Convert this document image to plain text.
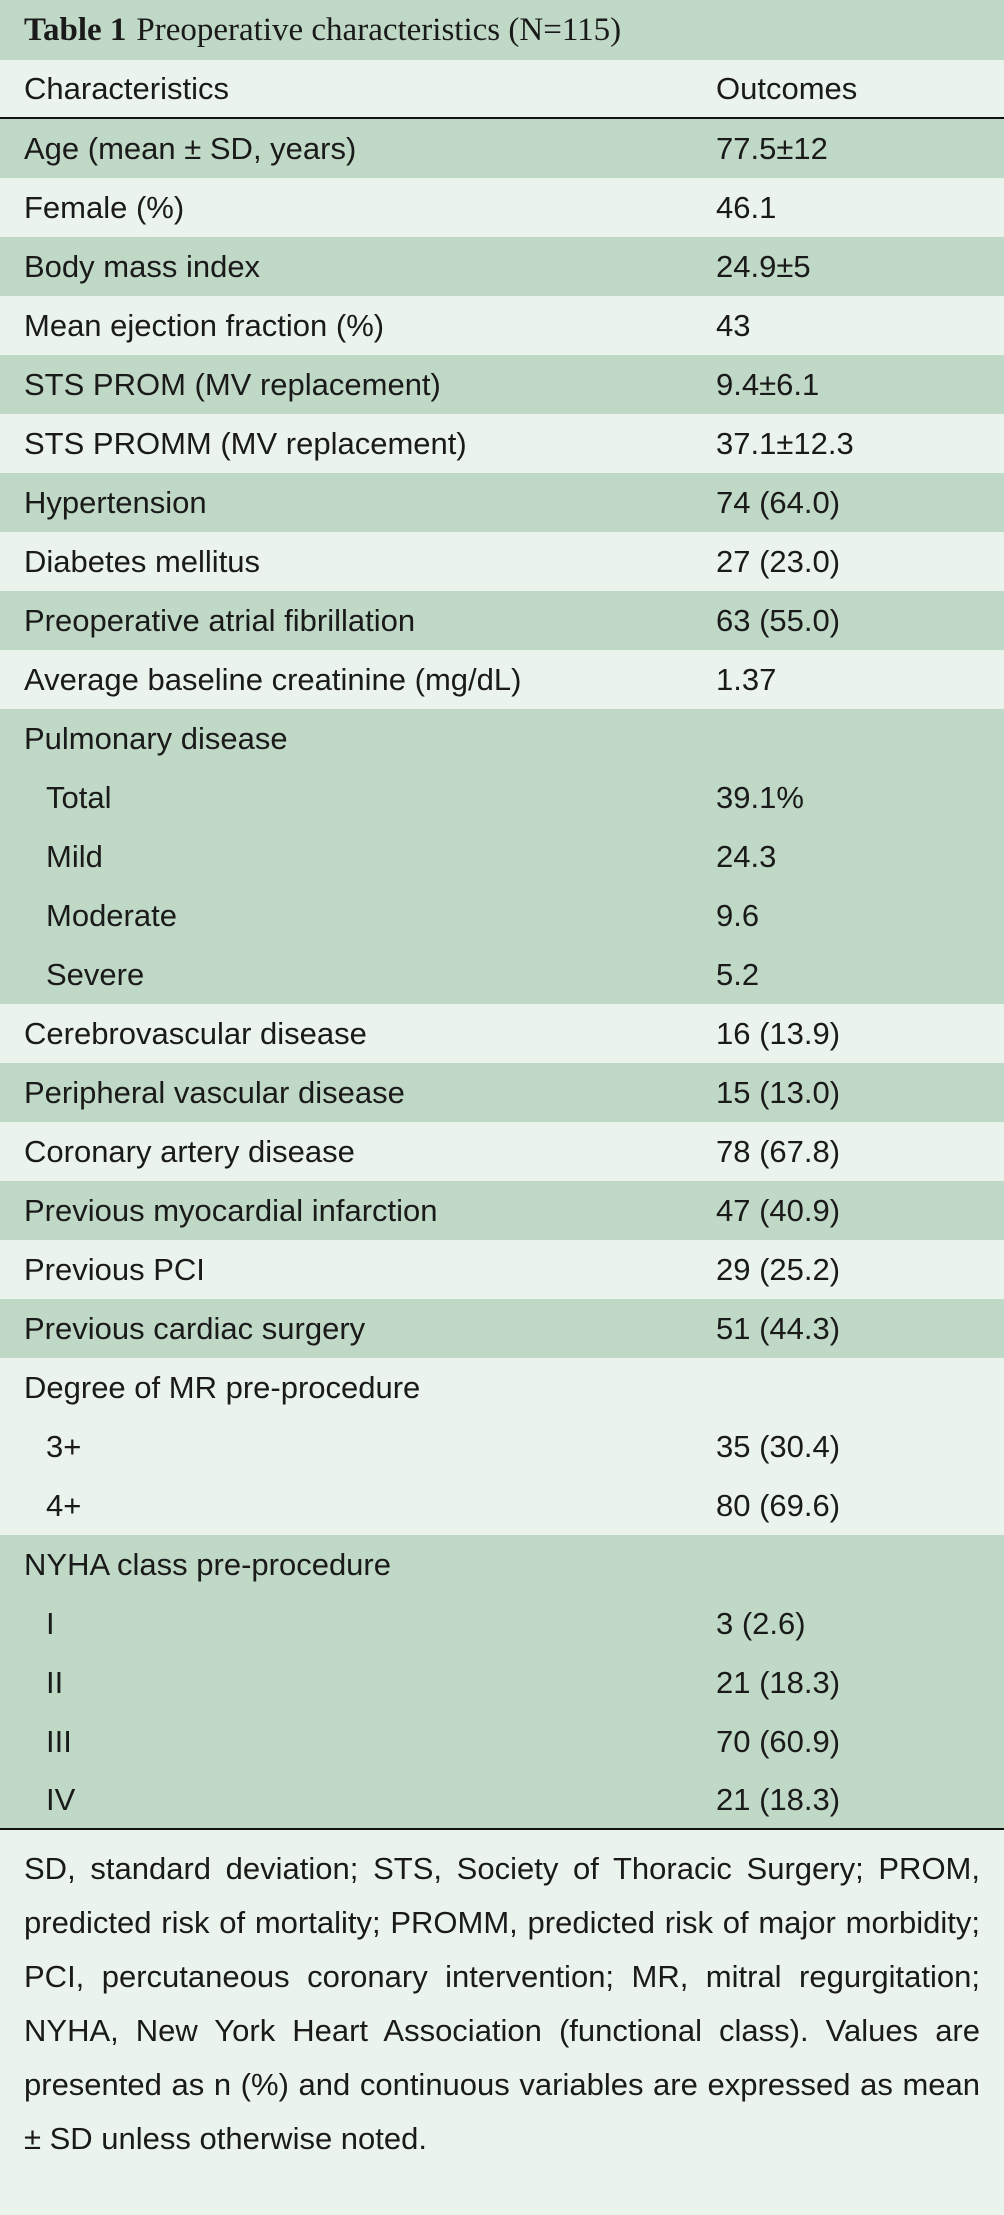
Table 1 Preoperative characteristics (N=115)
Characteristics	Outcomes
Age (mean ± SD, years)	77.5±12
Female (%)	46.1
Body mass index	24.9±5
Mean ejection fraction (%)	43
STS PROM (MV replacement)	9.4±6.1
STS PROMM (MV replacement)	37.1±12.3
Hypertension	74 (64.0)
Diabetes mellitus	27 (23.0)
Preoperative atrial fibrillation	63 (55.0)
Average baseline creatinine (mg/dL)	1.37
Pulmonary disease
Total	39.1%
Mild	24.3
Moderate	9.6
Severe	5.2
Cerebrovascular disease	16 (13.9)
Peripheral vascular disease	15 (13.0)
Coronary artery disease	78 (67.8)
Previous myocardial infarction	47 (40.9)
Previous PCI	29 (25.2)
Previous cardiac surgery	51 (44.3)
Degree of MR pre-procedure
3+	35 (30.4)
4+	80 (69.6)
NYHA class pre-procedure
I	3 (2.6)
II	21 (18.3)
III	70 (60.9)
IV	21 (18.3)
SD, standard deviation; STS, Society of Thoracic Surgery; PROM, predicted risk of mortality; PROMM, predicted risk of major morbidity; PCI, percutaneous coronary intervention; MR, mitral regurgitation; NYHA, New York Heart Association (functional class). Values are presented as n (%) and continuous variables are expressed as mean ± SD unless otherwise noted.
